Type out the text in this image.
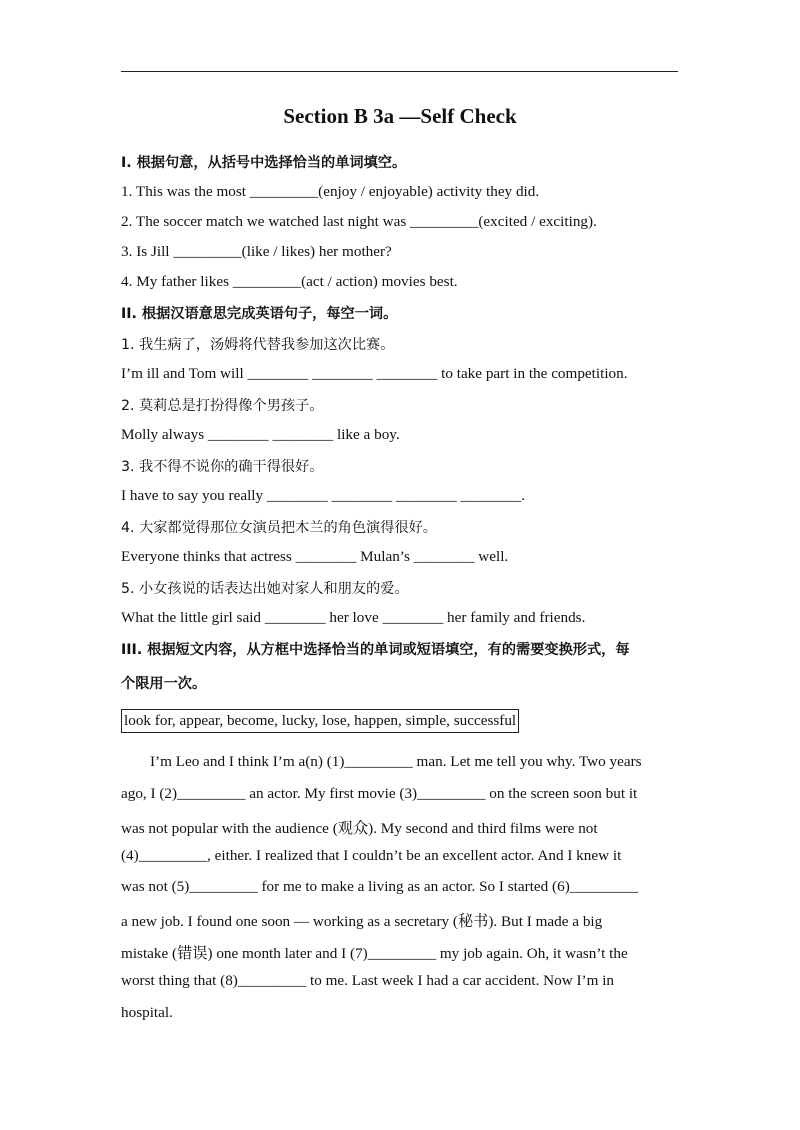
Section B 3a —Self Check
I. 根据句意，从括号中选择恰当的单词填空。
1. This was the most _________(enjoy / enjoyable) activity they did.
2. The soccer match we watched last night was _________(excited / exciting).
3. Is Jill _________(like / likes) her mother?
4. My father likes _________(act / action) movies best.
II. 根据汉语意思完成英语句子，每空一词。
1. 我生病了，汤姆将代替我参加这次比赛。
I’m ill and Tom will ________ ________ ________ to take part in the competition.
2. 莫莉总是打扮得像个男孩子。
Molly always ________ ________ like a boy.
3. 我不得不说你的确干得很好。
I have to say you really ________ ________ ________ ________.
4. 大家都觉得那位女演员把木兰的角色演得很好。
Everyone thinks that actress ________ Mulan’s ________ well.
5. 小女孩说的话表达出她对家人和朋友的爱。
What the little girl said ________ her love ________ her family and friends.
III. 根据短文内容，从方框中选择恰当的单词或短语填空，有的需要变换形式，每
个限用一次。
look for, appear, become, lucky, lose, happen, simple, successful
I’m Leo and I think I’m a(n) (1)_________ man. Let me tell you why. Two years
ago, I (2)_________ an actor. My first movie (3)_________ on the screen soon but it
was not popular with the audience (观众). My second and third films were not
(4)_________, either. I realized that I couldn’t be an excellent actor. And I knew it
was not (5)_________ for me to make a living as an actor. So I started (6)_________
a new job. I found one soon — working as a secretary (秘书). But I made a big
mistake (错误) one month later and I (7)_________ my job again. Oh, it wasn’t the
worst thing that (8)_________ to me. Last week I had a car accident. Now I’m in
hospital.
